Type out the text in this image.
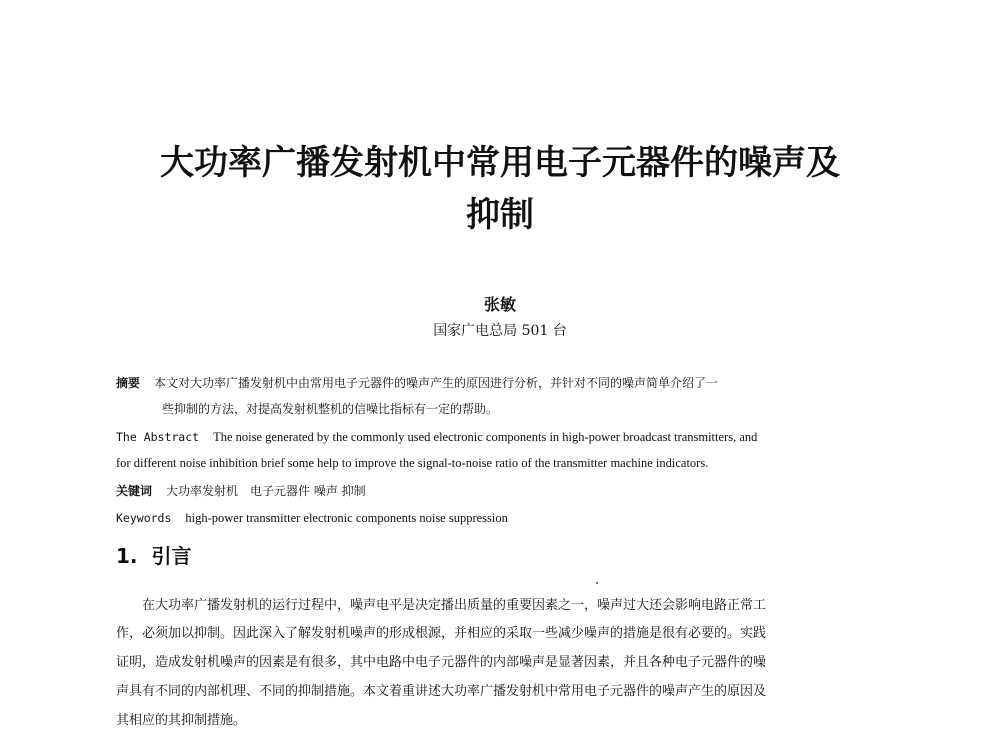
大功率广播发射机中常用电子元器件的噪声及
抑制
张敏
国家广电总局 501 台
摘要 本文对大功率广播发射机中由常用电子元器件的噪声产生的原因进行分析，并针对不同的噪声简单介绍了一
些抑制的方法，对提高发射机整机的信噪比指标有一定的帮助。
The Abstract The noise generated by the commonly used electronic components in high-power broadcast transmitters, and
for different noise inhibition brief some help to improve the signal-to-noise ratio of the transmitter machine indicators.
关键词 大功率发射机　电子元器件 噪声 抑制
Keywords high-power transmitter electronic components noise suppression
1. 引言
　　在大功率广播发射机的运行过程中，噪声电平是决定播出质量的重要因素之一，噪声过大还会影响电路正常工
作，必须加以抑制。因此深入了解发射机噪声的形成根源，并相应的采取一些减少噪声的措施是很有必要的。实践
证明，造成发射机噪声的因素是有很多，其中电路中电子元器件的内部噪声是显著因素，并且各种电子元器件的噪
声具有不同的内部机理、不同的抑制措施。本文着重讲述大功率广播发射机中常用电子元器件的噪声产生的原因及
其相应的其抑制措施。
